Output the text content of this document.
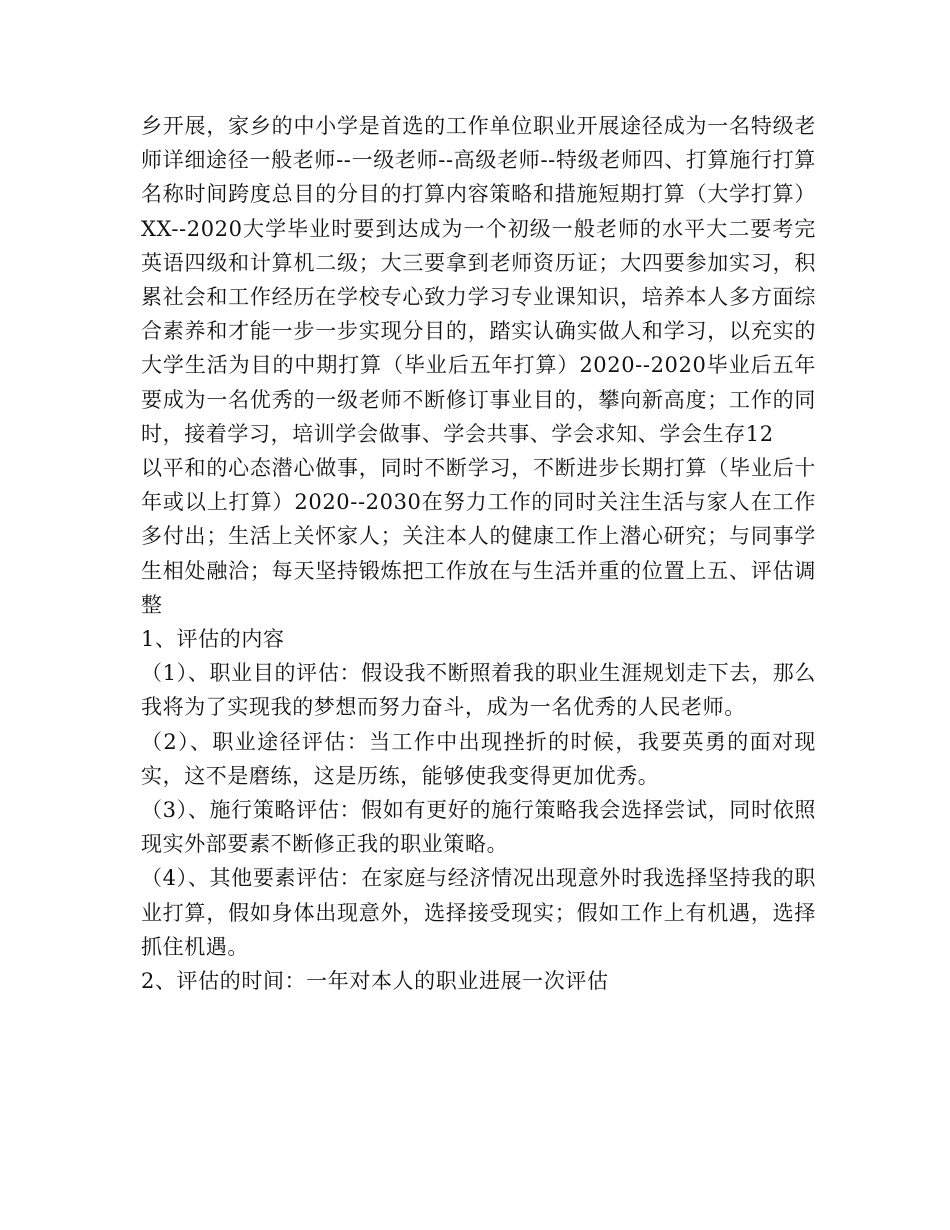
乡开展，家乡的中小学是首选的工作单位职业开展途径成为一名特级老师详细途径一般老师--一级老师--高级老师--特级老师四、打算施行打算名称时间跨度总目的分目的打算内容策略和措施短期打算（大学打算）XX--2020大学毕业时要到达成为一个初级一般老师的水平大二要考完英语四级和计算机二级；大三要拿到老师资历证；大四要参加实习，积累社会和工作经历在学校专心致力学习专业课知识，培养本人多方面综合素养和才能一步一步实现分目的，踏实认确实做人和学习，以充实的大学生活为目的中期打算（毕业后五年打算）2020--2020毕业后五年要成为一名优秀的一级老师不断修订事业目的，攀向新高度；工作的同时，接着学习，培训学会做事、学会共事、学会求知、学会生存12

以平和的心态潜心做事，同时不断学习，不断进步长期打算（毕业后十年或以上打算）2020--2030在努力工作的同时关注生活与家人在工作多付出；生活上关怀家人；关注本人的健康工作上潜心研究；与同事学生相处融洽；每天坚持锻炼把工作放在与生活并重的位置上五、评估调整

1、评估的内容

（1）、职业目的评估：假设我不断照着我的职业生涯规划走下去，那么我将为了实现我的梦想而努力奋斗，成为一名优秀的人民老师。

（2）、职业途径评估：当工作中出现挫折的时候，我要英勇的面对现实，这不是磨练，这是历练，能够使我变得更加优秀。

（3）、施行策略评估：假如有更好的施行策略我会选择尝试，同时依照现实外部要素不断修正我的职业策略。

（4）、其他要素评估：在家庭与经济情况出现意外时我选择坚持我的职业打算，假如身体出现意外，选择接受现实；假如工作上有机遇，选择抓住机遇。

2、评估的时间：一年对本人的职业进展一次评估
